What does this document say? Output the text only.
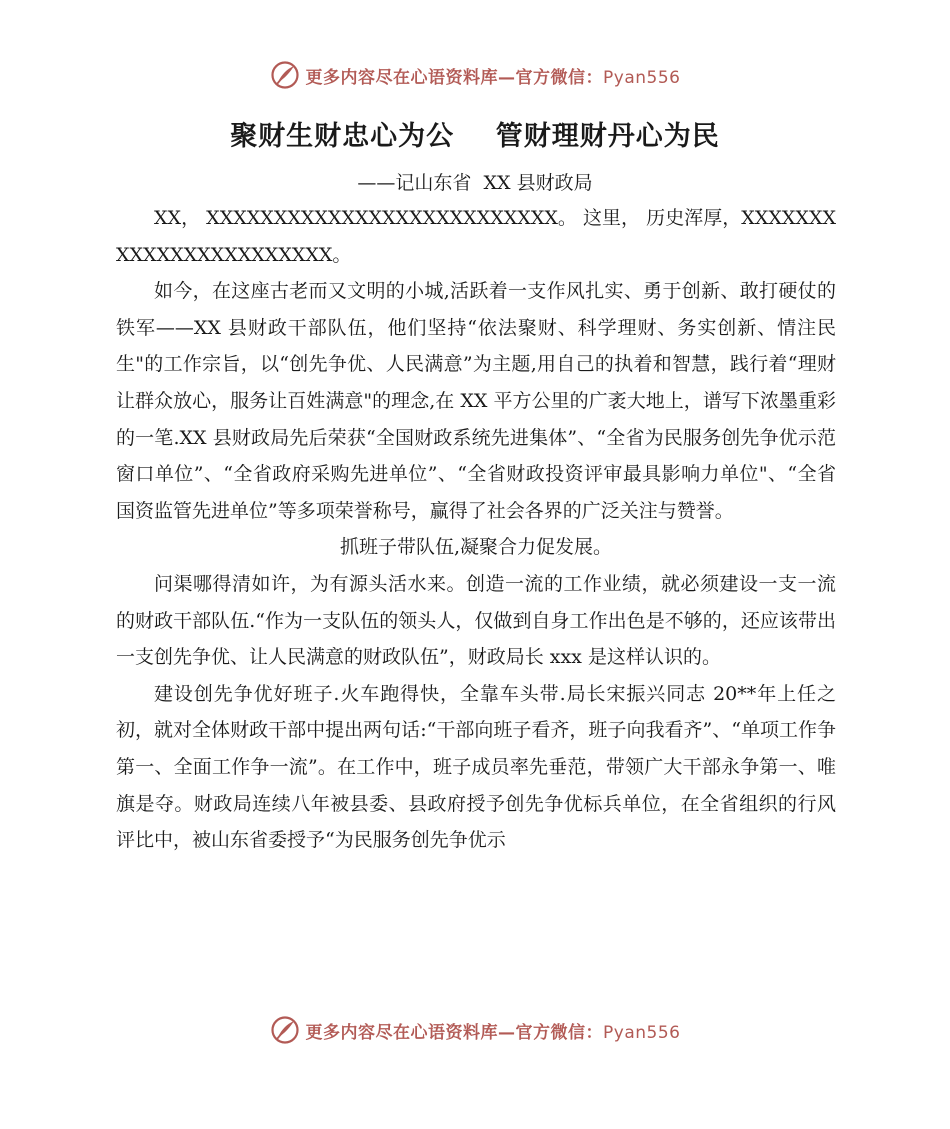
更多内容尽在心语资料库—官方微信：Pyan556
聚财生财忠心为公    管财理财丹心为民
——记山东省  XX 县财政局

XX， XXXXXXXXXXXXXXXXXXXXXXXXXX。 这里， 历史浑厚，XXXXXXXXXXXXXXXXXXXXXXX。

如今，在这座古老而又文明的小城,活跃着一支作风扎实、勇于创新、敢打硬仗的铁军——XX 县财政干部队伍，他们坚持“依法聚财、科学理财、务实创新、情注民生"的工作宗旨，以“创先争优、人民满意”为主题,用自己的执着和智慧，践行着“理财让群众放心，服务让百姓满意"的理念,在 XX 平方公里的广袤大地上，谱写下浓墨重彩的一笔.XX 县财政局先后荣获“全国财政系统先进集体”、“全省为民服务创先争优示范窗口单位”、“全省政府采购先进单位”、“全省财政投资评审最具影响力单位"、“全省国资监管先进单位”等多项荣誉称号，赢得了社会各界的广泛关注与赞誉。

抓班子带队伍,凝聚合力促发展。

问渠哪得清如许，为有源头活水来。创造一流的工作业绩，就必须建设一支一流的财政干部队伍.“作为一支队伍的领头人，仅做到自身工作出色是不够的，还应该带出一支创先争优、让人民满意的财政队伍”，财政局长 xxx 是这样认识的。

建设创先争优好班子.火车跑得快，全靠车头带.局长宋振兴同志 20**年上任之初，就对全体财政干部中提出两句话:“干部向班子看齐，班子向我看齐”、“单项工作争第一、全面工作争一流”。在工作中，班子成员率先垂范，带领广大干部永争第一、唯旗是夺。财政局连续八年被县委、县政府授予创先争优标兵单位，在全省组织的行风评比中，被山东省委授予“为民服务创先争优示

更多内容尽在心语资料库—官方微信：Pyan556
